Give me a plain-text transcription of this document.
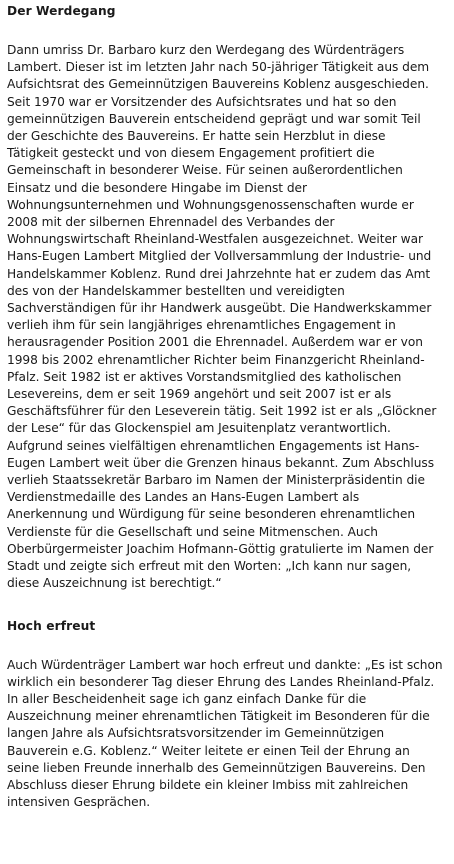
Der Werdegang

Dann umriss Dr. Barbaro kurz den Werdegang des Würdenträgers
Lambert. Dieser ist im letzten Jahr nach 50-jähriger Tätigkeit aus dem
Aufsichtsrat des Gemeinnützigen Bauvereins Koblenz ausgeschieden.
Seit 1970 war er Vorsitzender des Aufsichtsrates und hat so den
gemeinnützigen Bauverein entscheidend geprägt und war somit Teil
der Geschichte des Bauvereins. Er hatte sein Herzblut in diese
Tätigkeit gesteckt und von diesem Engagement profitiert die
Gemeinschaft in besonderer Weise. Für seinen außerordentlichen
Einsatz und die besondere Hingabe im Dienst der
Wohnungsunternehmen und Wohnungsgenossenschaften wurde er
2008 mit der silbernen Ehrennadel des Verbandes der
Wohnungswirtschaft Rheinland-Westfalen ausgezeichnet. Weiter war
Hans-Eugen Lambert Mitglied der Vollversammlung der Industrie- und
Handelskammer Koblenz. Rund drei Jahrzehnte hat er zudem das Amt
des von der Handelskammer bestellten und vereidigten
Sachverständigen für ihr Handwerk ausgeübt. Die Handwerkskammer
verlieh ihm für sein langjähriges ehrenamtliches Engagement in
herausragender Position 2001 die Ehrennadel. Außerdem war er von
1998 bis 2002 ehrenamtlicher Richter beim Finanzgericht Rheinland-
Pfalz. Seit 1982 ist er aktives Vorstandsmitglied des katholischen
Lesevereins, dem er seit 1969 angehört und seit 2007 ist er als
Geschäftsführer für den Leseverein tätig. Seit 1992 ist er als „Glöckner
der Lese“ für das Glockenspiel am Jesuitenplatz verantwortlich.
Aufgrund seines vielfältigen ehrenamtlichen Engagements ist Hans-
Eugen Lambert weit über die Grenzen hinaus bekannt. Zum Abschluss
verlieh Staatssekretär Barbaro im Namen der Ministerpräsidentin die
Verdienstmedaille des Landes an Hans-Eugen Lambert als
Anerkennung und Würdigung für seine besonderen ehrenamtlichen
Verdienste für die Gesellschaft und seine Mitmenschen. Auch
Oberbürgermeister Joachim Hofmann-Göttig gratulierte im Namen der
Stadt und zeigte sich erfreut mit den Worten: „Ich kann nur sagen,
diese Auszeichnung ist berechtigt.“

Hoch erfreut

Auch Würdenträger Lambert war hoch erfreut und dankte: „Es ist schon
wirklich ein besonderer Tag dieser Ehrung des Landes Rheinland-Pfalz.
In aller Bescheidenheit sage ich ganz einfach Danke für die
Auszeichnung meiner ehrenamtlichen Tätigkeit im Besonderen für die
langen Jahre als Aufsichtsratsvorsitzender im Gemeinnützigen
Bauverein e.G. Koblenz.“ Weiter leitete er einen Teil der Ehrung an
seine lieben Freunde innerhalb des Gemeinnützigen Bauvereins. Den
Abschluss dieser Ehrung bildete ein kleiner Imbiss mit zahlreichen
intensiven Gesprächen.
